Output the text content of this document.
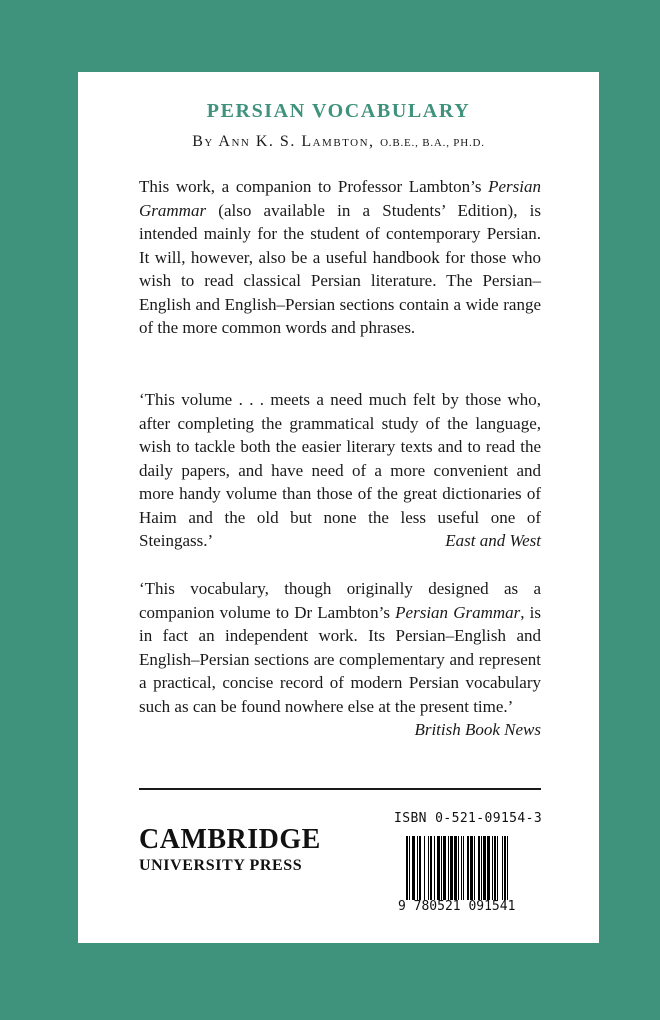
PERSIAN VOCABULARY

By Ann K. S. Lambton, O.B.E., B.A., PH.D.

This work, a companion to Professor Lambton’s Persian Grammar (also available in a Students’ Edition), is intended mainly for the student of contemporary Persian. It will, however, also be a useful handbook for those who wish to read classical Persian literature. The Persian–English and English–Persian sections contain a wide range of the more common words and phrases.

‘This volume . . . meets a need much felt by those who, after completing the grammatical study of the language, wish to tackle both the easier literary texts and to read the daily papers, and have need of a more convenient and more handy volume than those of the great dictionaries of Haim and the old but none the less useful one of Steingass.’	East and West

‘This vocabulary, though originally designed as a companion volume to Dr Lambton’s Persian Grammar, is in fact an independent work. Its Persian–English and English–Persian sections are complementary and represent a practical, concise record of modern Persian vocabulary such as can be found nowhere else at the present time.’
British Book News

CAMBRIDGE
UNIVERSITY PRESS
ISBN 0-521-09154-3
9 780521 091541
